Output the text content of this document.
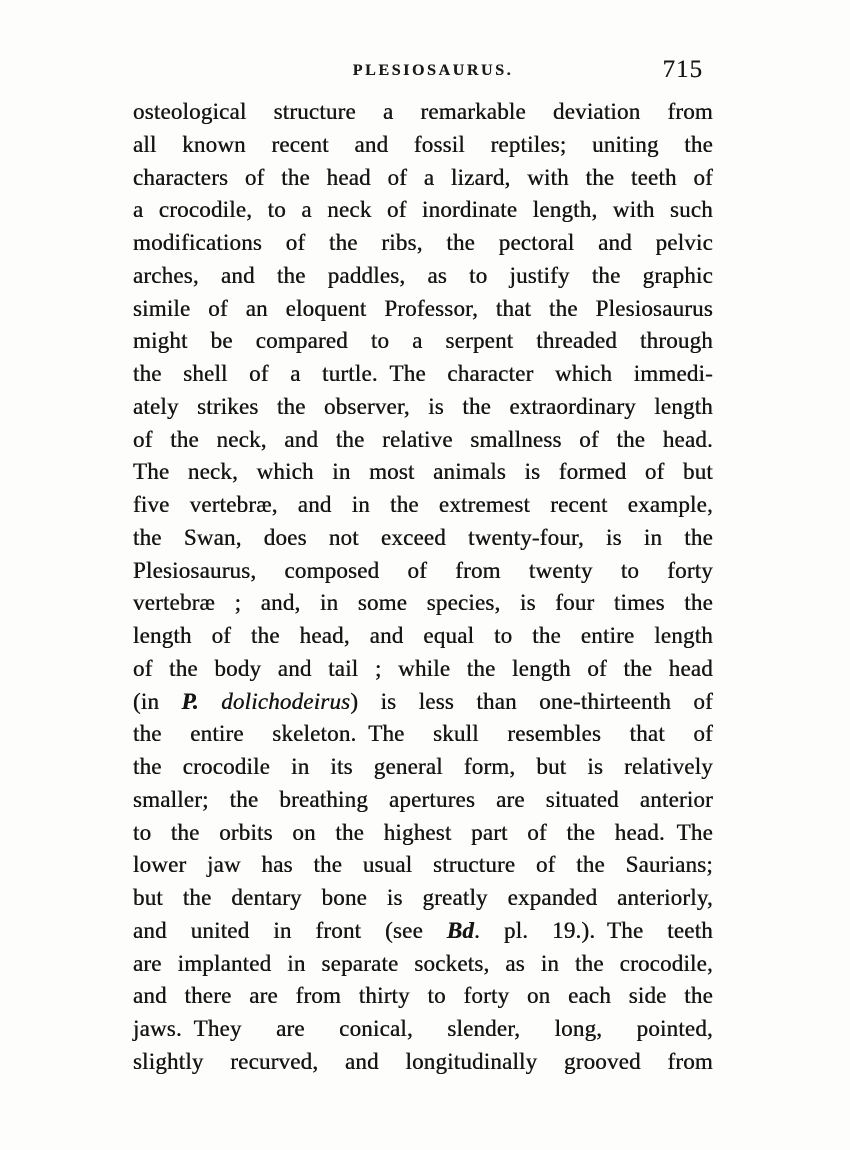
PLESIOSAURUS.	715
osteological structure a remarkable deviation from
all known recent and fossil reptiles; uniting the
characters of the head of a lizard, with the teeth of
a crocodile, to a neck of inordinate length, with such
modifications of the ribs, the pectoral and pelvic
arches, and the paddles, as to justify the graphic
simile of an eloquent Professor, that the Plesiosaurus
might be compared to a serpent threaded through
the shell of a turtle. The character which immedi-
ately strikes the observer, is the extraordinary length
of the neck, and the relative smallness of the head.
The neck, which in most animals is formed of but
five vertebræ, and in the extremest recent example,
the Swan, does not exceed twenty-four, is in the
Plesiosaurus, composed of from twenty to forty
vertebræ ; and, in some species, is four times the
length of the head, and equal to the entire length
of the body and tail ; while the length of the head
(in P. dolichodeirus) is less than one-thirteenth of
the entire skeleton. The skull resembles that of
the crocodile in its general form, but is relatively
smaller; the breathing apertures are situated anterior
to the orbits on the highest part of the head. The
lower jaw has the usual structure of the Saurians;
but the dentary bone is greatly expanded anteriorly,
and united in front (see Bd. pl. 19.). The teeth
are implanted in separate sockets, as in the crocodile,
and there are from thirty to forty on each side the
jaws. They are conical, slender, long, pointed,
slightly recurved, and longitudinally grooved from
